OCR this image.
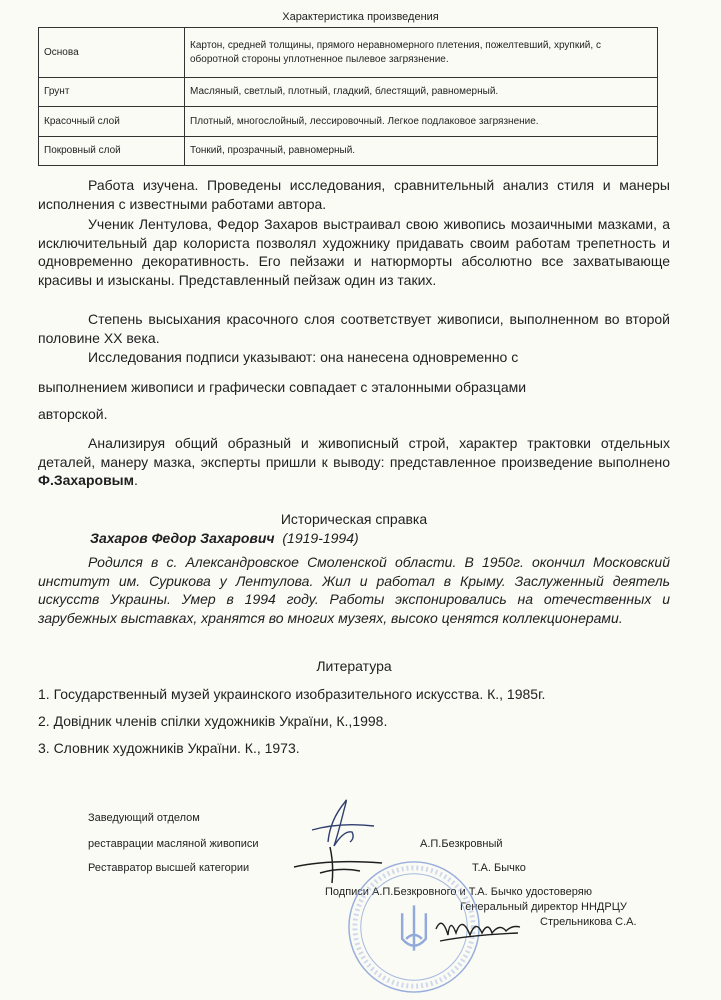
Характеристика произведения
Основа	Картон, средней толщины, прямого неравномерного плетения, пожелтевший, хрупкий, с оборотной стороны уплотненное пылевое загрязнение.
Грунт	Масляный, светлый, плотный, гладкий, блестящий, равномерный.
Красочный слой	Плотный, многослойный, лессировочный. Легкое подлаковое загрязнение.
Покровный слой	Тонкий, прозрачный, равномерный.
Работа изучена. Проведены исследования, сравнительный анализ стиля и манеры исполнения с известными работами автора.
Ученик Лентулова, Федор Захаров выстраивал свою живопись мозаичными мазками, а исключительный дар колориста позволял художнику придавать своим работам трепетность и одновременно декоративность. Его пейзажи и натюрморты абсолютно все захватывающе красивы и изысканы. Представленный пейзаж один из таких.
Степень высыхания красочного слоя соответствует живописи, выполненном во второй половине ХХ века.
Исследования подписи указывают: она нанесена одновременно с
выполнением живописи и графически совпадает с эталонными образцами
авторской.
Анализируя общий образный и живописный строй, характер трактовки отдельных деталей, манеру мазка, эксперты пришли к выводу: представленное произведение выполнено Ф.Захаровым.
Историческая справка
Захаров Федор Захарович (1919-1994)
Родился в с. Александровское Смоленской области. В 1950г. окончил Московский институт им. Сурикова у Лентулова. Жил и работал в Крыму. Заслуженный деятель искусств Украины. Умер в 1994 году. Работы экспонировались на отечественных и зарубежных выставках, хранятся во многих музеях, высоко ценятся коллекционерами.
Литература
1. Государственный музей украинского изобразительного искусства. К., 1985г.
2. Довідник членів спілки художників України, К.,1998.
3. Словник художників України. К., 1973.
Заведующий отделом
реставрации масляной живописи	А.П.Безкровный
Реставратор высшей категории	Т.А. Бычко
Подписи А.П.Безкровного и Т.А. Бычко удостоверяю
Генеральный директор ННДРЦУ
Стрельникова С.А.
